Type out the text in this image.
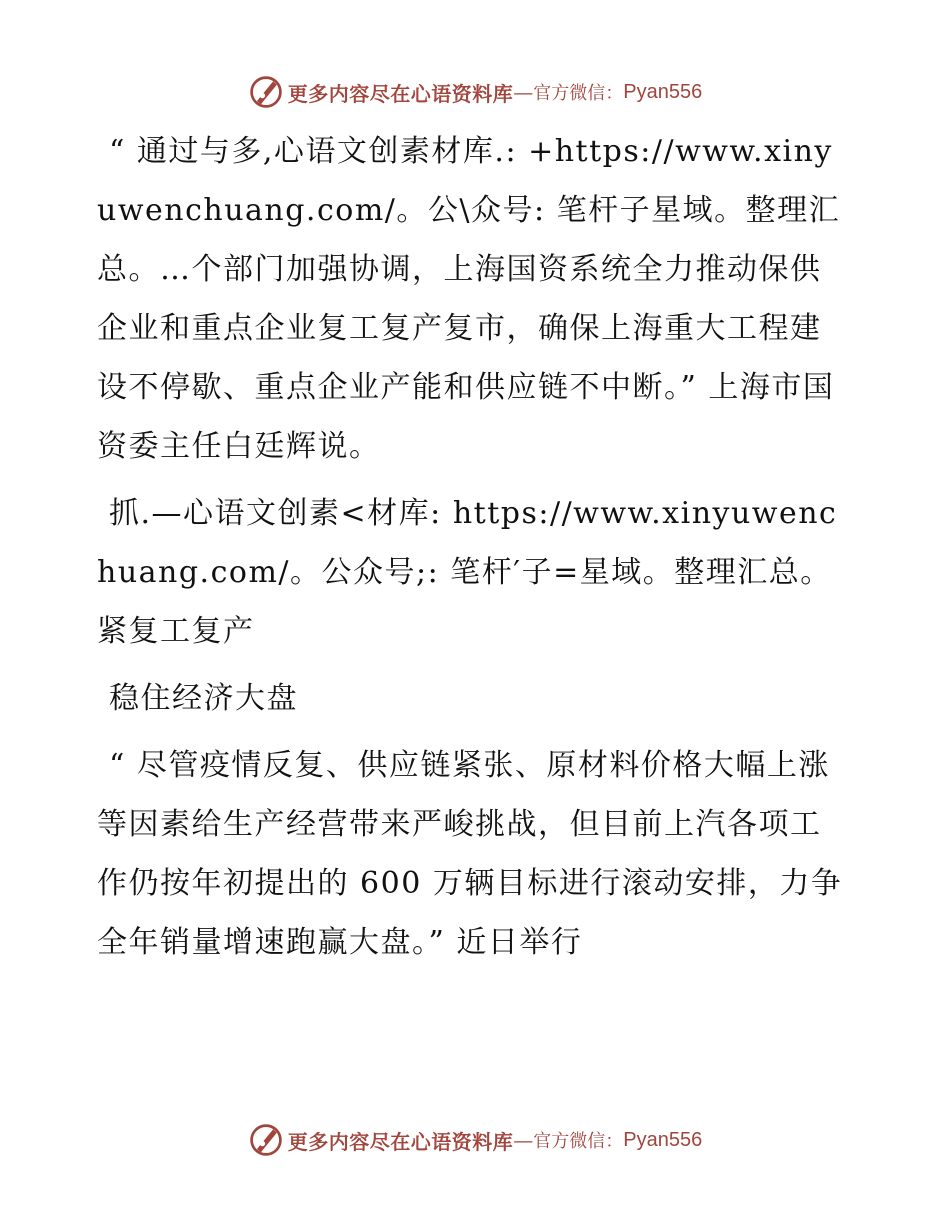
更多内容尽在心语资料库 — 官方微信： Pyan556

“ 通过与多,心语文创素材库.: +https://www.xinyuwenchuang.com/。公\众号: 笔杆子星域。整理汇总。…个部门加强协调，上海国资系统全力推动保供企业和重点企业复工复产复市，确保上海重大工程建设不停歇、重点企业产能和供应链不中断。” 上海市国资委主任白廷辉说。

抓.—心语文创素<材库: https://www.xinyuwenchuang.com/。公众号;: 笔杆′子=星域。整理汇总。紧复工复产

稳住经济大盘

“ 尽管疫情反复、供应链紧张、原材料价格大幅上涨等因素给生产经营带来严峻挑战，但目前上汽各项工作仍按年初提出的 600 万辆目标进行滚动安排，力争全年销量增速跑赢大盘。” 近日举行

更多内容尽在心语资料库 — 官方微信： Pyan556
